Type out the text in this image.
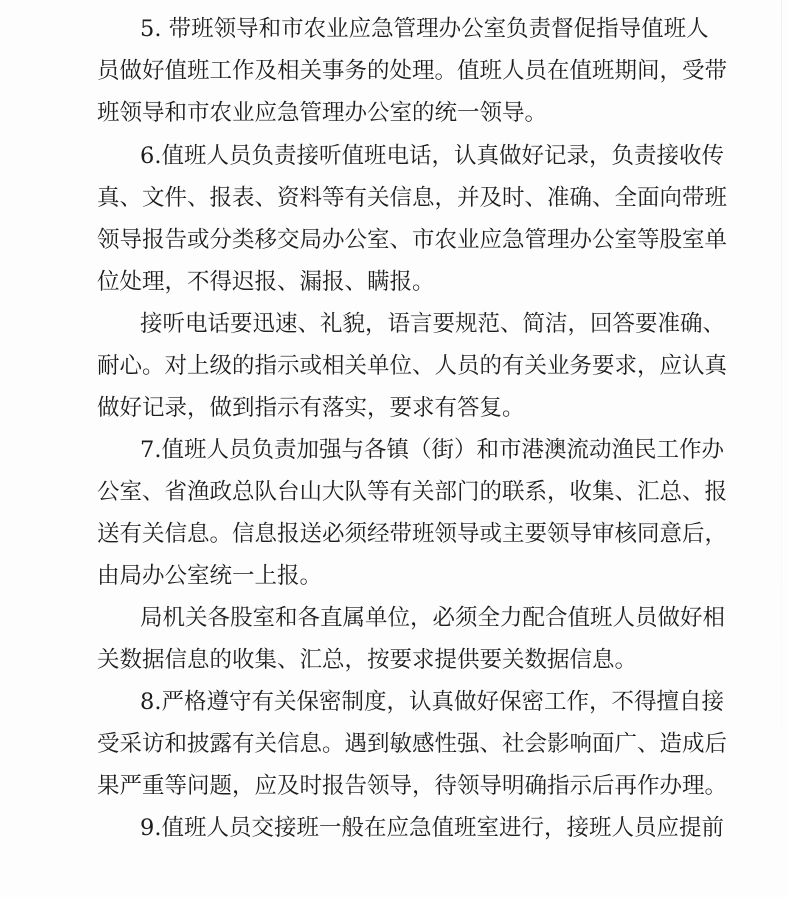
5. 带班领导和市农业应急管理办公室负责督促指导值班人
员做好值班工作及相关事务的处理。值班人员在值班期间，受带
班领导和市农业应急管理办公室的统一领导。
6.值班人员负责接听值班电话，认真做好记录，负责接收传
真、文件、报表、资料等有关信息，并及时、准确、全面向带班
领导报告或分类移交局办公室、市农业应急管理办公室等股室单
位处理，不得迟报、漏报、瞒报。
接听电话要迅速、礼貌，语言要规范、简洁，回答要准确、
耐心。对上级的指示或相关单位、人员的有关业务要求，应认真
做好记录，做到指示有落实，要求有答复。
7.值班人员负责加强与各镇（街）和市港澳流动渔民工作办
公室、省渔政总队台山大队等有关部门的联系，收集、汇总、报
送有关信息。信息报送必须经带班领导或主要领导审核同意后，
由局办公室统一上报。
局机关各股室和各直属单位，必须全力配合值班人员做好相
关数据信息的收集、汇总，按要求提供要关数据信息。
8.严格遵守有关保密制度，认真做好保密工作，不得擅自接
受采访和披露有关信息。遇到敏感性强、社会影响面广、造成后
果严重等问题，应及时报告领导，待领导明确指示后再作办理。
9.值班人员交接班一般在应急值班室进行，接班人员应提前
